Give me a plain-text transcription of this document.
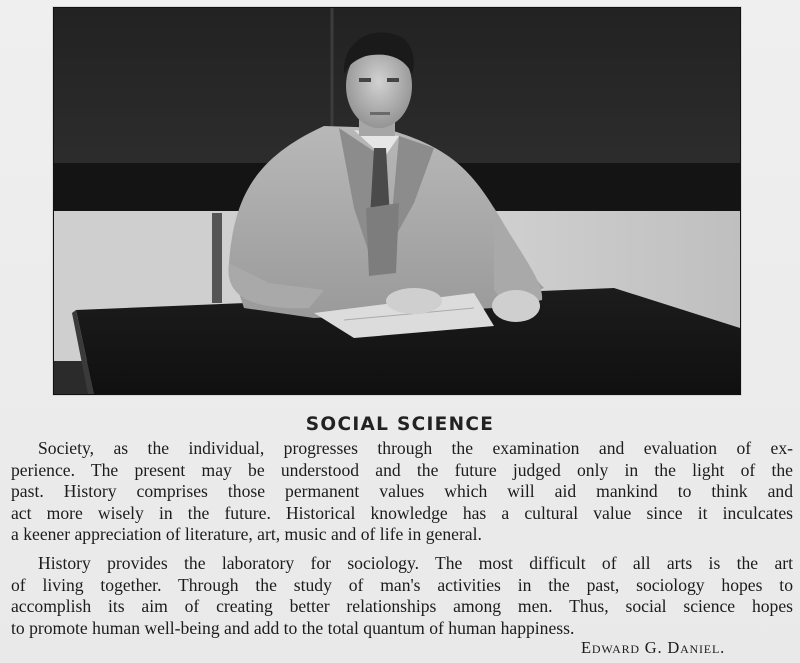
SOCIAL SCIENCE
Society, as the individual, progresses through the examination and evaluation of ex-
perience. The present may be understood and the future judged only in the light of the
past. History comprises those permanent values which will aid mankind to think and
act more wisely in the future. Historical knowledge has a cultural value since it inculcates
a keener appreciation of literature, art, music and of life in general.
History provides the laboratory for sociology. The most difficult of all arts is the art
of living together. Through the study of man's activities in the past, sociology hopes to
accomplish its aim of creating better relationships among men. Thus, social science hopes
to promote human well-being and add to the total quantum of human happiness.
Edward G. Daniel.
